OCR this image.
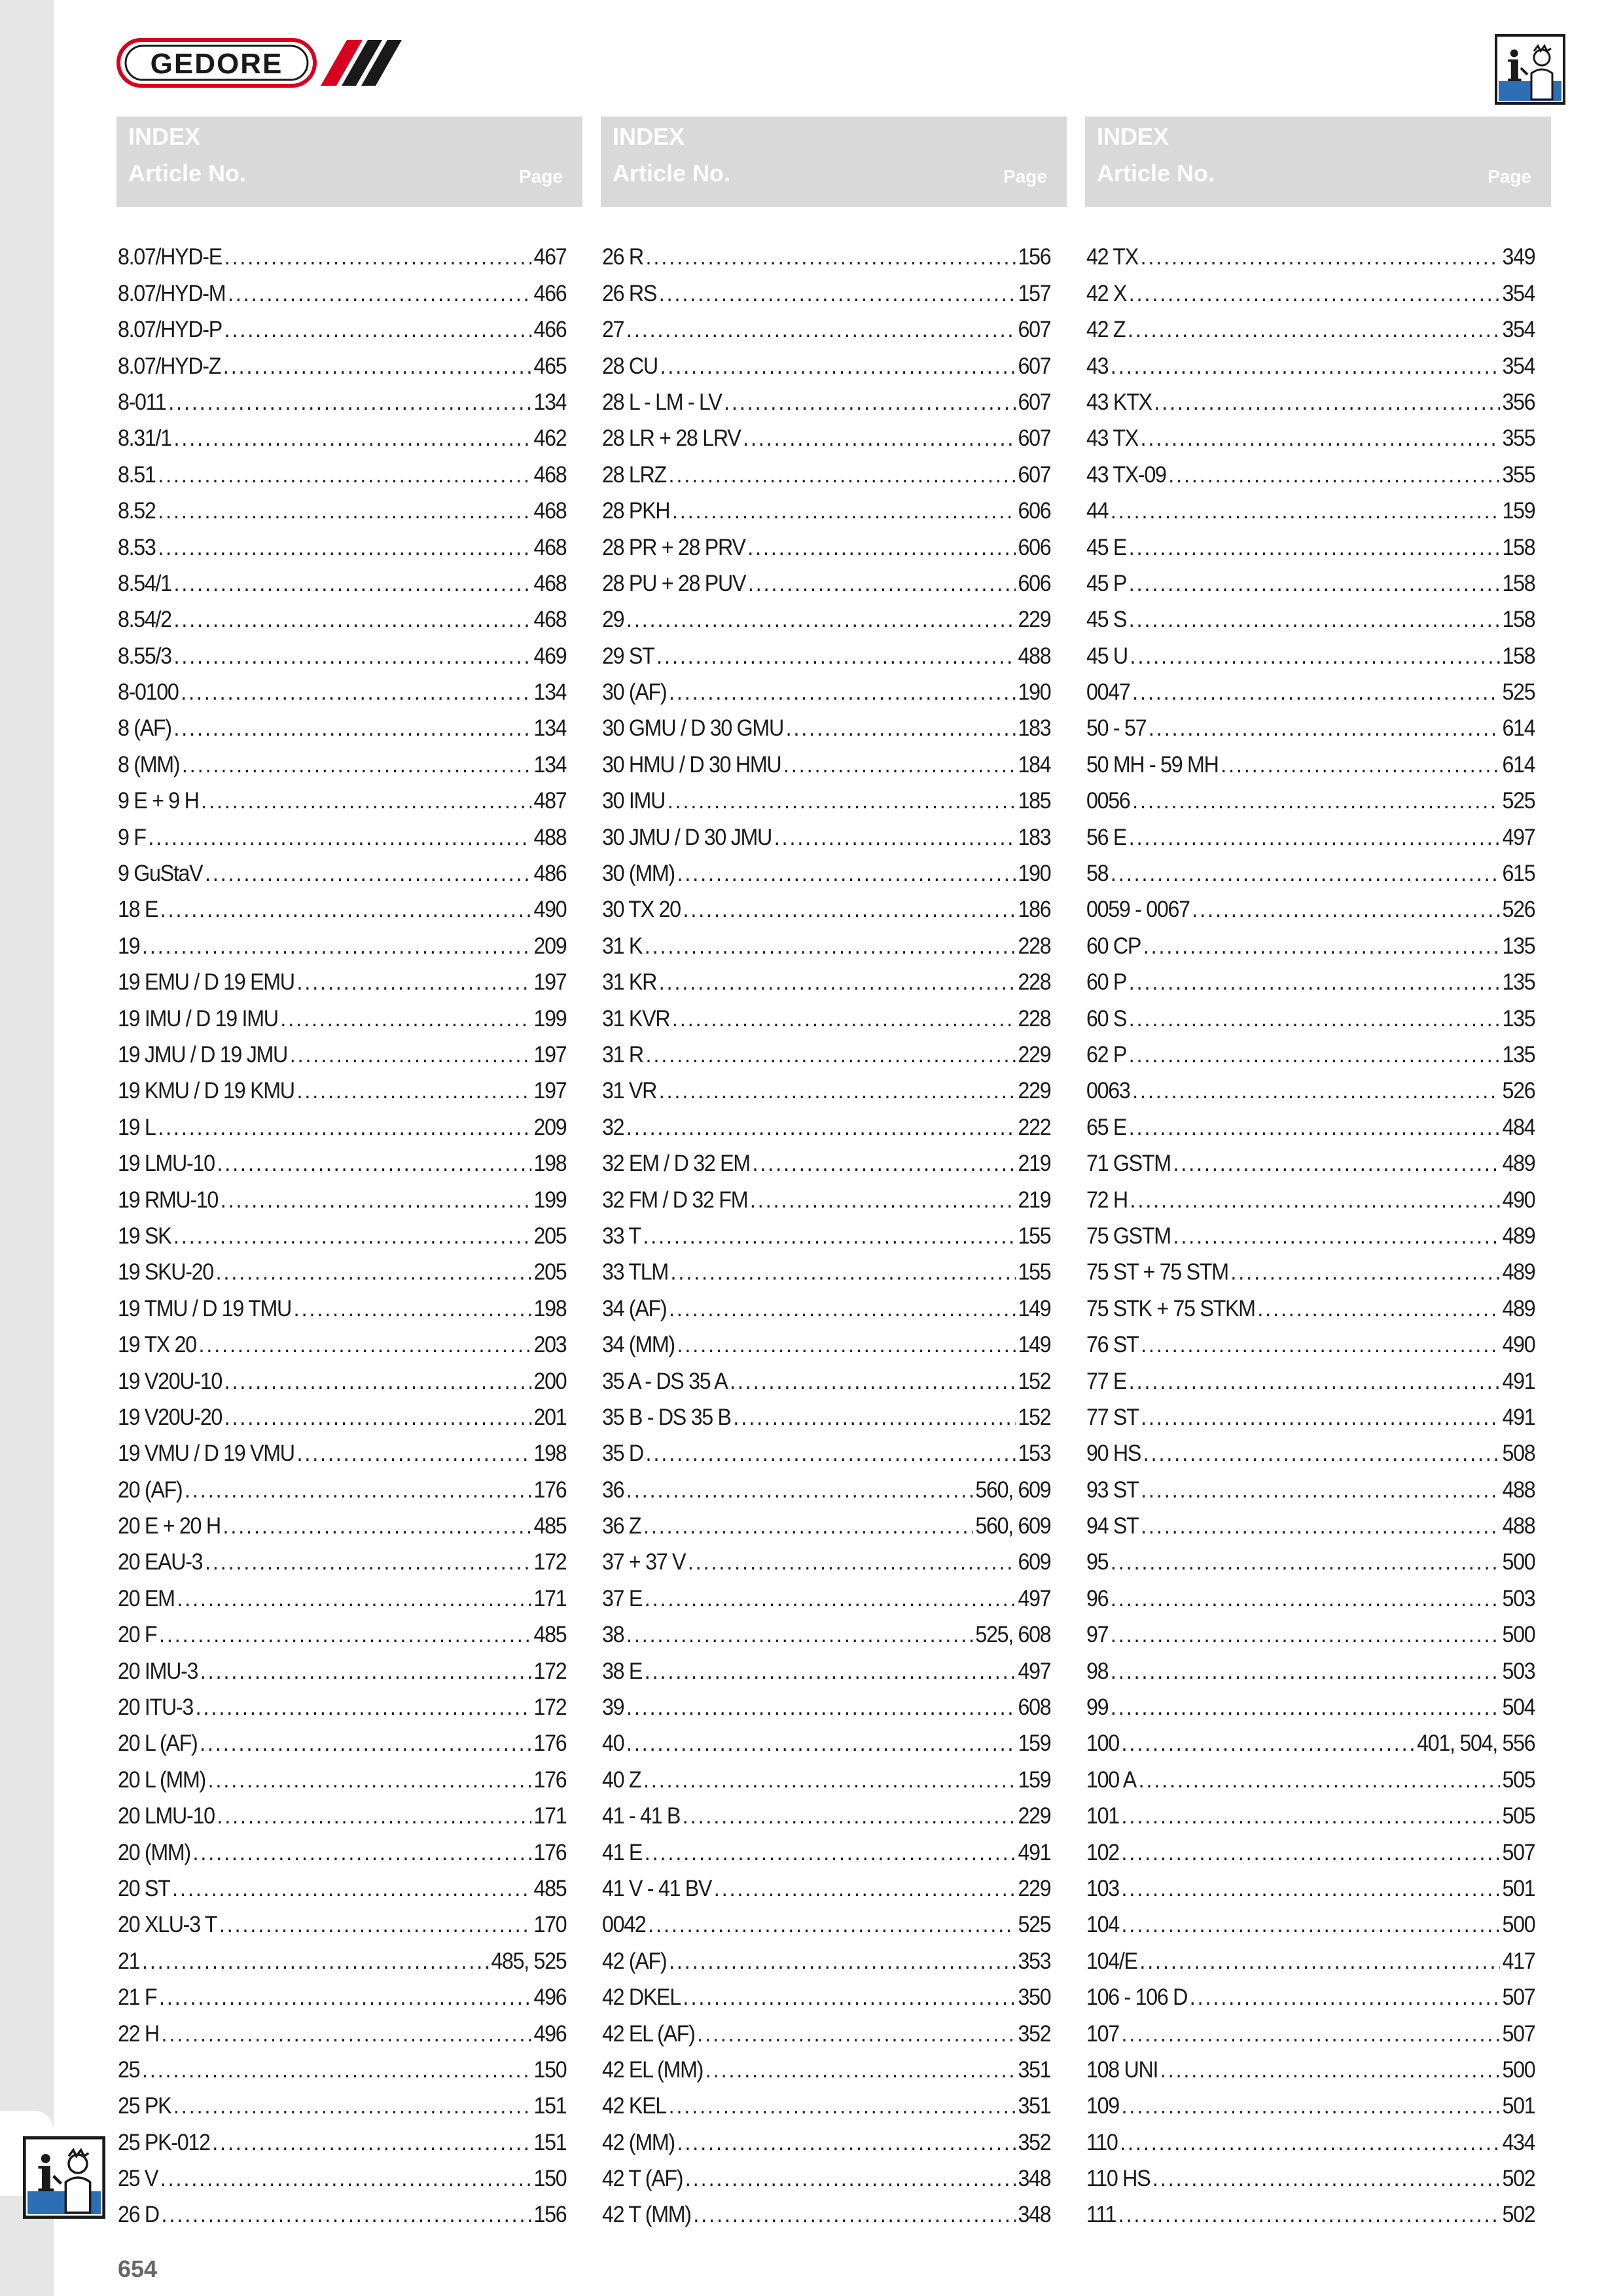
GEDORE	i
i
INDEX
Article No.	Page
INDEX
Article No.	Page
INDEX
Article No.	Page
8.07/HYD-E .....	467
8.07/HYD-M .....	466
8.07/HYD-P .....	466
8.07/HYD-Z .....	465
8-011 .....	134
8.31/1 .....	462
8.51 .....	468
8.52 .....	468
8.53 .....	468
8.54/1 .....	468
8.54/2 .....	468
8.55/3 .....	469
8-0100 .....	134
8 (AF) .....	134
8 (MM) .....	134
9 E + 9 H .....	487
9 F .....	488
9 GuStaV .....	486
18 E .....	490
19 .....	209
19 EMU / D 19 EMU .....	197
19 IMU / D 19 IMU .....	199
19 JMU / D 19 JMU .....	197
19 KMU / D 19 KMU .....	197
19 L .....	209
19 LMU-10 .....	198
19 RMU-10 .....	199
19 SK .....	205
19 SKU-20 .....	205
19 TMU / D 19 TMU .....	198
19 TX 20 .....	203
19 V20U-10 .....	200
19 V20U-20 .....	201
19 VMU / D 19 VMU .....	198
20 (AF) .....	176
20 E + 20 H .....	485
20 EAU-3 .....	172
20 EM .....	171
20 F .....	485
20 IMU-3 .....	172
20 ITU-3 .....	172
20 L (AF) .....	176
20 L (MM) .....	176
20 LMU-10 .....	171
20 (MM) .....	176
20 ST .....	485
20 XLU-3 T .....	170
21 .....	485, 525
21 F .....	496
22 H .....	496
25 .....	150
25 PK .....	151
25 PK-012 .....	151
25 V .....	150
26 D .....	156
26 R .....	156
26 RS .....	157
27 .....	607
28 CU .....	607
28 L - LM - LV .....	607
28 LR + 28 LRV .....	607
28 LRZ .....	607
28 PKH .....	606
28 PR + 28 PRV .....	606
28 PU + 28 PUV .....	606
29 .....	229
29 ST .....	488
30 (AF) .....	190
30 GMU / D 30 GMU .....	183
30 HMU / D 30 HMU .....	184
30 IMU .....	185
30 JMU / D 30 JMU .....	183
30 (MM) .....	190
30 TX 20 .....	186
31 K .....	228
31 KR .....	228
31 KVR .....	228
31 R .....	229
31 VR .....	229
32 .....	222
32 EM / D 32 EM .....	219
32 FM / D 32 FM .....	219
33 T .....	155
33 TLM .....	155
34 (AF) .....	149
34 (MM) .....	149
35 A - DS 35 A .....	152
35 B - DS 35 B .....	152
35 D .....	153
36 .....	560, 609
36 Z .....	560, 609
37 + 37 V .....	609
37 E .....	497
38 .....	525, 608
38 E .....	497
39 .....	608
40 .....	159
40 Z .....	159
41 - 41 B .....	229
41 E .....	491
41 V - 41 BV .....	229
0042 .....	525
42 (AF) .....	353
42 DKEL .....	350
42 EL (AF) .....	352
42 EL (MM) .....	351
42 KEL .....	351
42 (MM) .....	352
42 T (AF) .....	348
42 T (MM) .....	348
42 TX .....	349
42 X .....	354
42 Z .....	354
43 .....	354
43 KTX .....	356
43 TX .....	355
43 TX-09 .....	355
44 .....	159
45 E .....	158
45 P .....	158
45 S .....	158
45 U .....	158
0047 .....	525
50 - 57 .....	614
50 MH - 59 MH .....	614
0056 .....	525
56 E .....	497
58 .....	615
0059 - 0067 .....	526
60 CP .....	135
60 P .....	135
60 S .....	135
62 P .....	135
0063 .....	526
65 E .....	484
71 GSTM .....	489
72 H .....	490
75 GSTM .....	489
75 ST + 75 STM .....	489
75 STK + 75 STKM .....	489
76 ST .....	490
77 E .....	491
77 ST .....	491
90 HS .....	508
93 ST .....	488
94 ST .....	488
95 .....	500
96 .....	503
97 .....	500
98 .....	503
99 .....	504
100 .....	401, 504, 556
100 A .....	505
101 .....	505
102 .....	507
103 .....	501
104 .....	500
104/E .....	417
106 - 106 D .....	507
107 .....	507
108 UNI .....	500
109 .....	501
110 .....	434
110 HS .....	502
111 .....	502
654
